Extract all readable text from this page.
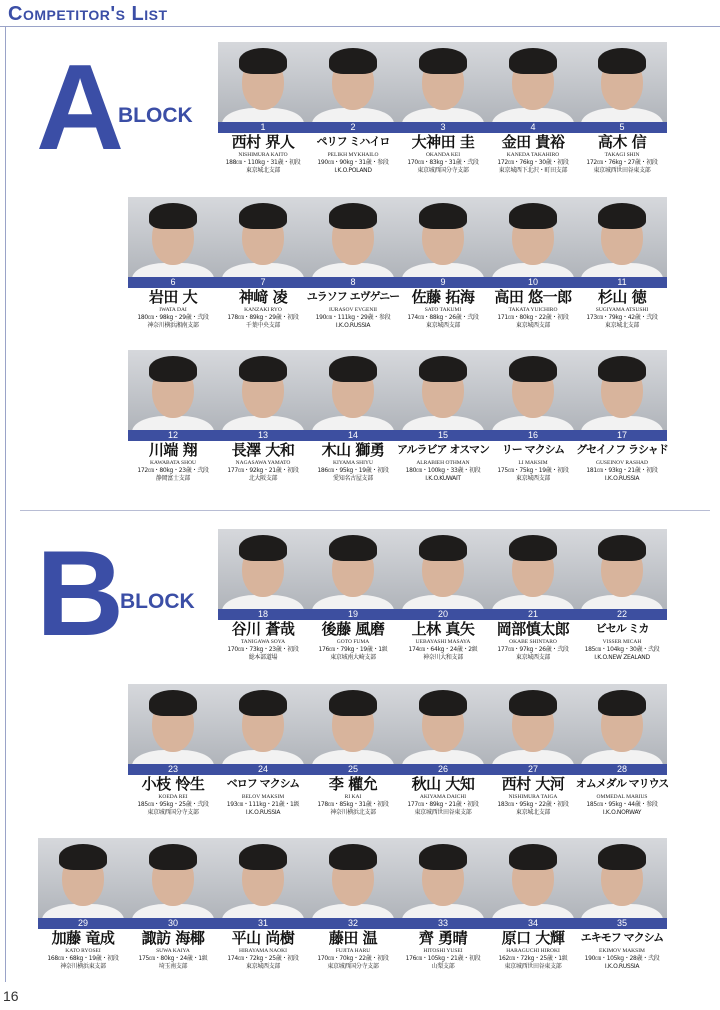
Competitor's List
A
BLOCK
B
BLOCK
1
西村 界人
NISHIMURA KAITO
188㎝・110kg・31歳・初段
東京城北支部
2
ペリフ ミハイロ
PELIKH MYKHAILO
190㎝・90kg・31歳・参段
I.K.O.POLAND
3
大神田 圭
OKANDA KEI
170㎝・83kg・31歳・弐段
東京城西国分寺支部
4
金田 貴裕
KANEDA TAKAHIRO
172㎝・76kg・30歳・初段
東京城西下北沢・町田支部
5
高木 信
TAKAGI SHIN
172㎝・76kg・27歳・初段
東京城西世田谷東支部
6
岩田 大
IWATA DAI
180㎝・98kg・29歳・弐段
神奈川横浜湘南支部
7
神﨑 凌
KANZAKI RYO
178㎝・89kg・29歳・初段
千葉中央支部
8
ユラソフ エヴゲニー
IURASOV EVGENII
190㎝・111kg・29歳・参段
I.K.O.RUSSIA
9
佐藤 拓海
SATO TAKUMI
174㎝・88kg・26歳・弐段
東京城西支部
10
高田 悠一郎
TAKATA YUICHIRO
171㎝・80kg・22歳・初段
東京城西支部
11
杉山 徳
SUGIYAMA ATSUSHI
173㎝・79kg・42歳・弐段
東京城北支部
12
川端 翔
KAWABATA SHOU
172㎝・80kg・23歳・弐段
静岡富士支部
13
長澤 大和
NAGASAWA YAMATO
177㎝・92kg・21歳・初段
北大阪支部
14
木山 獅勇
KIYAMA SHIYU
186㎝・95kg・19歳・初段
愛知名古屋支部
15
アルラビア オスマン
ALRABIEH OTHMAN
180㎝・100kg・33歳・初段
I.K.O.KUWAIT
16
リー マクシム
LI MAKSIM
175㎝・75kg・19歳・初段
東京城西支部
17
グセイノフ ラシャド
GUSEINOV RASHAD
181㎝・93kg・21歳・初段
I.K.O.RUSSIA
18
谷川 蒼哉
TANIGAWA SOYA
170㎝・73kg・23歳・初段
総本部道場
19
後藤 風磨
GOTO FUMA
176㎝・79kg・19歳・1級
東京城南大崎支部
20
上林 真矢
UEBAYASHI MASAYA
174㎝・64kg・24歳・2級
神奈川大和支部
21
岡部慎太郎
OKABE SHINTARO
177㎝・97kg・26歳・弐段
東京城西支部
22
ビセル ミカ
VISSER MICAH
185㎝・104kg・30歳・弐段
I.K.O.NEW ZEALAND
23
小枝 怜生
KOEDA REI
185㎝・95kg・25歳・弐段
東京城西国分寺支部
24
ベロフ マクシム
BELOV MAKSIM
193㎝・111kg・21歳・1級
I.K.O.RUSSIA
25
李 權允
RI KAI
178㎝・85kg・31歳・初段
神奈川横浜北支部
26
秋山 大知
AKIYAMA DAICHI
177㎝・89kg・21歳・初段
東京城西世田谷東支部
27
西村 大河
NISHIMURA TAIGA
183㎝・95kg・22歳・初段
東京城北支部
28
オムメダル マリウス
OMMEDAL MARIUS
185㎝・95kg・44歳・参段
I.K.O.NORWAY
29
加藤 竜成
KATO RYOSEI
168㎝・68kg・19歳・初段
神奈川横浜東支部
30
諏訪 海椰
SUWA KAIYA
175㎝・80kg・24歳・1級
埼玉南支部
31
平山 尚樹
HIRAYAMA NAOKI
174㎝・72kg・25歳・初段
東京城西支部
32
藤田 温
FUJITA HARU
170㎝・70kg・22歳・初段
東京城西国分寺支部
33
齊 勇晴
HITOSHI YUSEI
176㎝・105kg・21歳・初段
山梨支部
34
原口 大輝
HARAGUCHI HIROKI
162㎝・72kg・25歳・1級
東京城西世田谷東支部
35
エキモフ マクシム
EKIMOV MAKSIM
190㎝・105kg・28歳・弐段
I.K.O.RUSSIA
16
